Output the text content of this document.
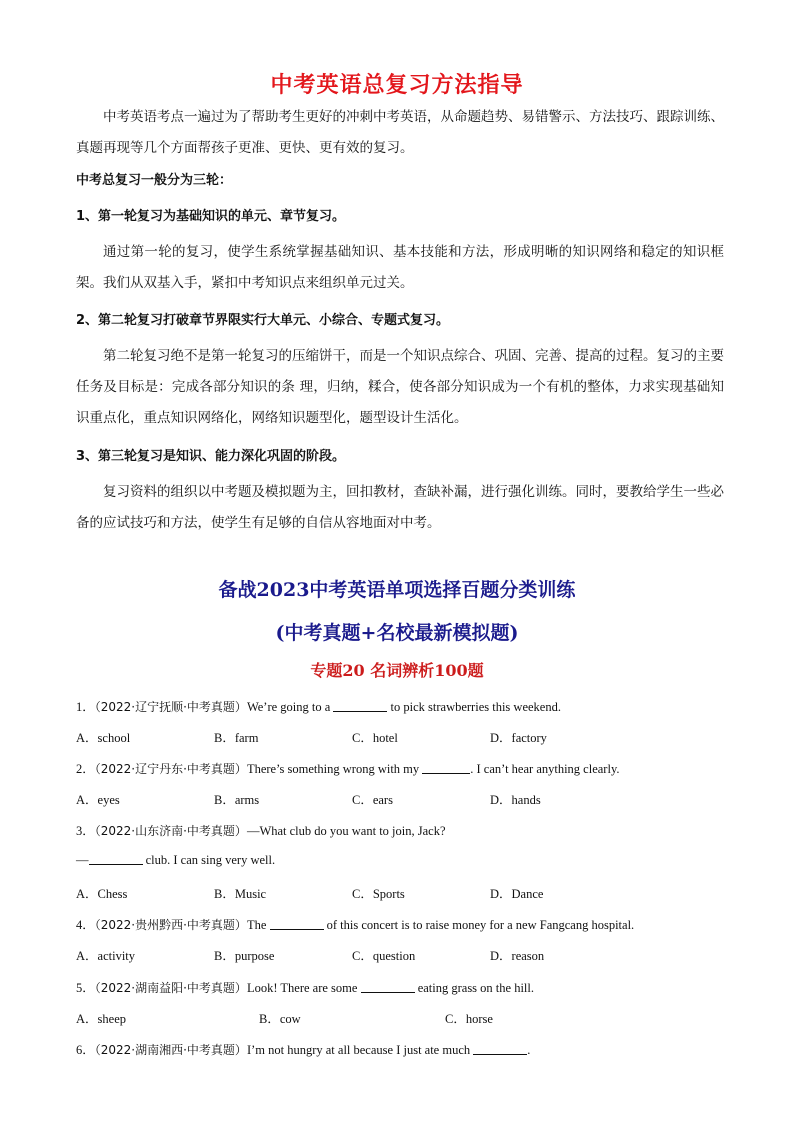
中考英语总复习方法指导
中考英语考点一遍过为了帮助考生更好的冲刺中考英语，从命题趋势、易错警示、方法技巧、跟踪训练、真题再现等几个方面帮孩子更准、更快、更有效的复习。
中考总复习一般分为三轮：
1、第一轮复习为基础知识的单元、章节复习。
通过第一轮的复习，使学生系统掌握基础知识、基本技能和方法，形成明晰的知识网络和稳定的知识框架。我们从双基入手，紧扣中考知识点来组织单元过关。
2、第二轮复习打破章节界限实行大单元、小综合、专题式复习。
第二轮复习绝不是第一轮复习的压缩饼干，而是一个知识点综合、巩固、完善、提高的过程。复习的主要任务及目标是：完成各部分知识的条 理，归纳，糅合，使各部分知识成为一个有机的整体，力求实现基础知识重点化，重点知识网络化，网络知识题型化，题型设计生活化。
3、第三轮复习是知识、能力深化巩固的阶段。
复习资料的组织以中考题及模拟题为主，回扣教材，查缺补漏，进行强化训练。同时，要教给学生一些必备的应试技巧和方法，使学生有足够的自信从容地面对中考。
备战2023中考英语单项选择百题分类训练
(中考真题+名校最新模拟题)
专题20 名词辨析100题
1．（2022·辽宁抚顺·中考真题）We’re going to a	to pick strawberries this weekend.
A．school	B．farm	C．hotel	D．factory
2．（2022·辽宁丹东·中考真题）There’s something wrong with my	. I can’t hear anything clearly.
A．eyes	B．arms	C．ears	D．hands
3．（2022·山东济南·中考真题）—What club do you want to join, Jack?
—	club. I can sing very well.
A．Chess	B．Music	C．Sports	D．Dance
4．（2022·贵州黔西·中考真题）The	of this concert is to raise money for a new Fangcang hospital.
A．activity	B．purpose	C．question	D．reason
5．（2022·湖南益阳·中考真题）Look! There are some	eating grass on the hill.
A．sheep	B．cow	C．horse
6．（2022·湖南湘西·中考真题）I’m not hungry at all because I just ate much	.
